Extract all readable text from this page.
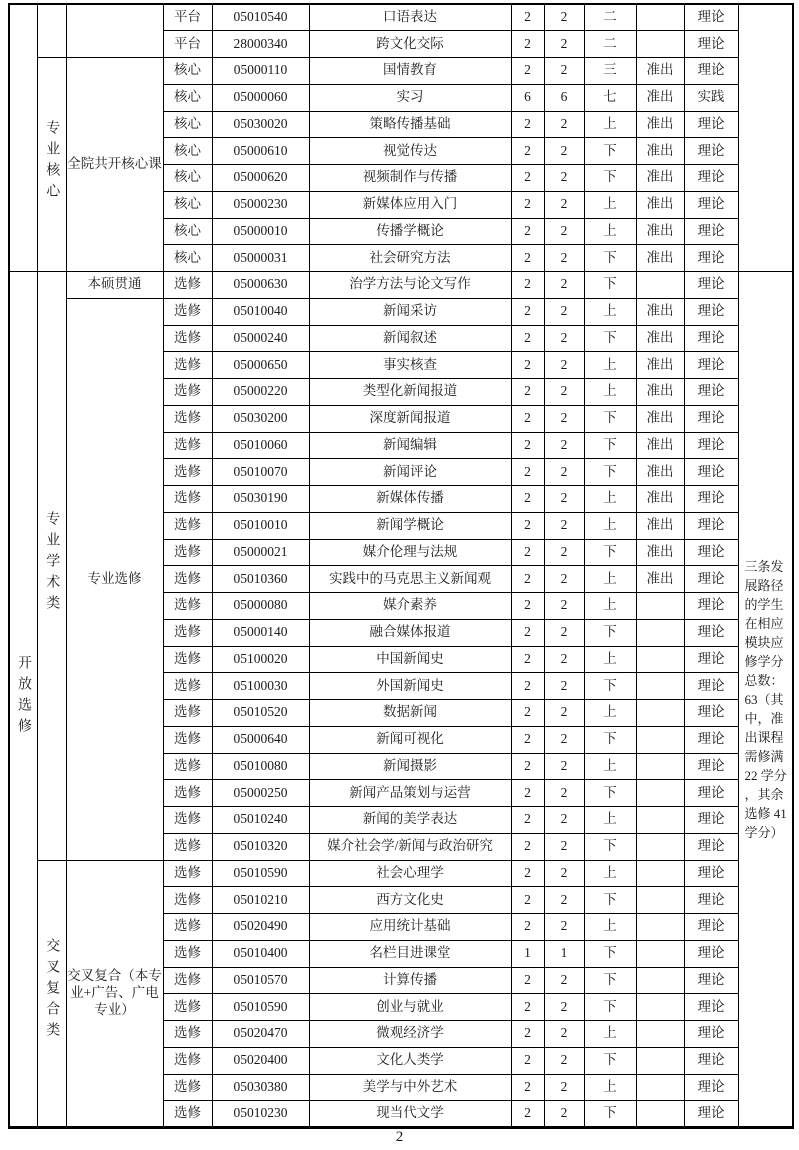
			平台	05010540	口语表达	2	2	二		理论	

			平台	28000340	跨文化交际	2	2	二		理论	
	专业核心	全院共开核心课	核心	05000110	国情教育	2	2	三	准出	理论	
			核心	05000060	实习	6	6	七	准出	实践	
			核心	05030020	策略传播基础	2	2	上	准出	理论	
			核心	05000610	视觉传达	2	2	下	准出	理论	
			核心	05000620	视频制作与传播	2	2	下	准出	理论	
			核心	05000230	新媒体应用入门	2	2	上	准出	理论	
			核心	05000010	传播学概论	2	2	上	准出	理论	
			核心	05000031	社会研究方法	2	2	下	准出	理论	
开放选修	专业学术类	本硕贯通	选修	05000630	治学方法与论文写作	2	2	下		理论	三条发展路径的学生在相应模块应修学分总数：63（其中，准出课程需修满 22 学分，其余选修 41 学分）

		专业选修	选修	05010040	新闻采访	2	2	上	准出	理论	
			选修	05000240	新闻叙述	2	2	下	准出	理论	
			选修	05000650	事实核查	2	2	上	准出	理论	
			选修	05000220	类型化新闻报道	2	2	上	准出	理论	
			选修	05030200	深度新闻报道	2	2	下	准出	理论	
			选修	05010060	新闻编辑	2	2	下	准出	理论	
			选修	05010070	新闻评论	2	2	下	准出	理论	
			选修	05030190	新媒体传播	2	2	上	准出	理论	
			选修	05010010	新闻学概论	2	2	上	准出	理论	
			选修	05000021	媒介伦理与法规	2	2	下	准出	理论	
			选修	05010360	实践中的马克思主义新闻观	2	2	上	准出	理论	
			选修	05000080	媒介素养	2	2	上		理论	
			选修	05000140	融合媒体报道	2	2	下		理论	
			选修	05100020	中国新闻史	2	2	上		理论	
			选修	05100030	外国新闻史	2	2	下		理论	
			选修	05010520	数据新闻	2	2	上		理论	
			选修	05000640	新闻可视化	2	2	下		理论	
			选修	05010080	新闻摄影	2	2	上		理论	
			选修	05000250	新闻产品策划与运营	2	2	下		理论	
			选修	05010240	新闻的美学表达	2	2	上		理论	
			选修	05010320	媒介社会学/新闻与政治研究	2	2	下		理论	
	交叉复合类	交叉复合（本专业+广告、广电专业）	选修	05010590	社会心理学	2	2	上		理论	
			选修	05010210	西方文化史	2	2	下		理论	
			选修	05020490	应用统计基础	2	2	上		理论	
			选修	05010400	名栏目进课堂	1	1	下		理论	
			选修	05010570	计算传播	2	2	下		理论	
			选修	05010590	创业与就业	2	2	下		理论	
			选修	05020470	微观经济学	2	2	上		理论	
			选修	05020400	文化人类学	2	2	下		理论	
			选修	05030380	美学与中外艺术	2	2	上		理论	
			选修	05010230	现当代文学	2	2	下		理论	
2
